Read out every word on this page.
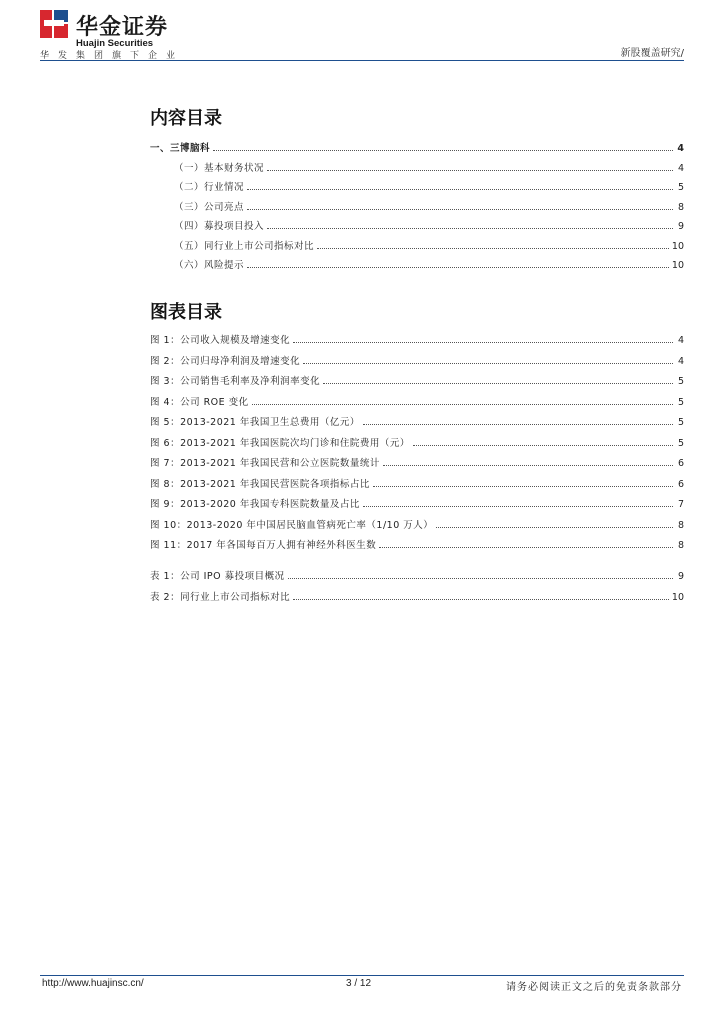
华金证券
Huajin Securities
华发集团旗下企业	新股覆盖研究/
内容目录
一、三博脑科	4
（一）基本财务状况	4
（二）行业情况	5
（三）公司亮点	8
（四）募投项目投入	9
（五）同行业上市公司指标对比	10
（六）风险提示	10
图表目录
图 1：公司收入规模及增速变化	4
图 2：公司归母净利润及增速变化	4
图 3：公司销售毛利率及净利润率变化	5
图 4：公司 ROE 变化	5
图 5：2013-2021 年我国卫生总费用（亿元）	5
图 6：2013-2021 年我国医院次均门诊和住院费用（元）	5
图 7：2013-2021 年我国民营和公立医院数量统计	6
图 8：2013-2021 年我国民营医院各项指标占比	6
图 9：2013-2020 年我国专科医院数量及占比	7
图 10：2013-2020 年中国居民脑血管病死亡率（1/10 万人）	8
图 11：2017 年各国每百万人拥有神经外科医生数	8
表 1：公司 IPO 募投项目概况	9
表 2：同行业上市公司指标对比	10
http://www.huajinsc.cn/	3 / 12	请务必阅读正文之后的免责条款部分
